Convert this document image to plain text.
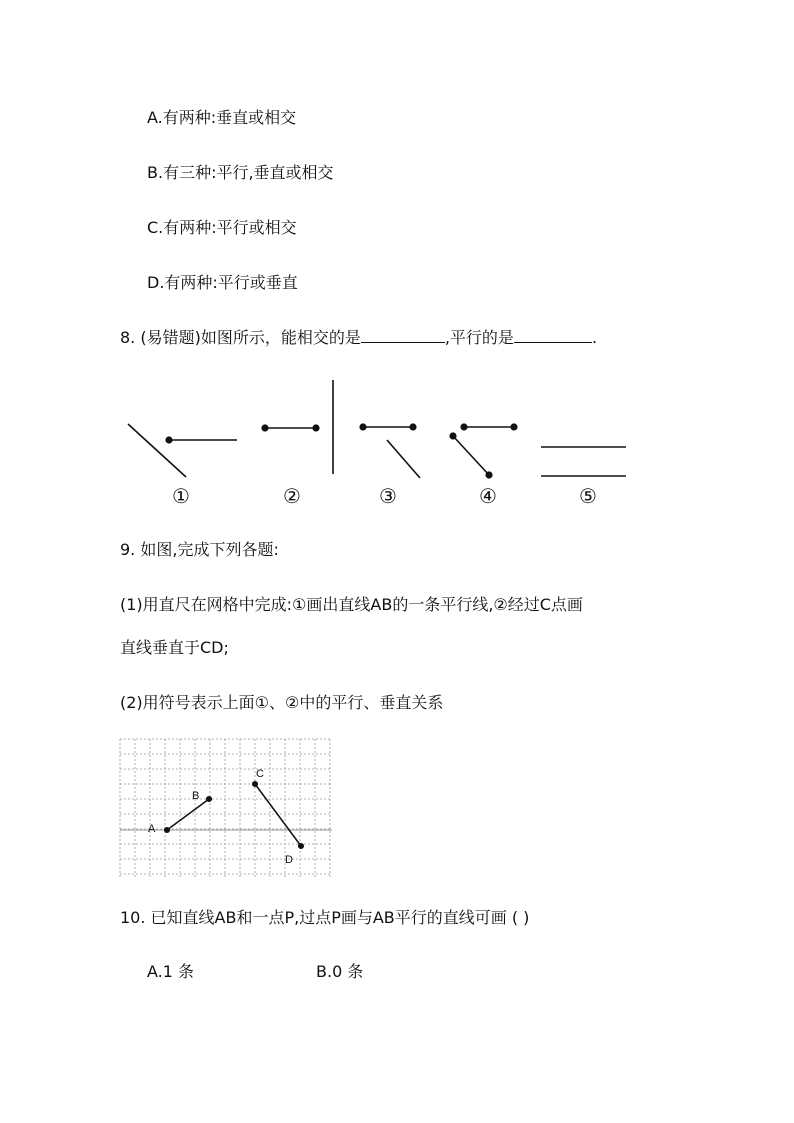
A.有两种:垂直或相交
B.有三种:平行,垂直或相交
C.有两种:平行或相交
D.有两种:平行或垂直
8. (易错题)如图所示，能相交的是	,平行的是	.
①	②	③	④	⑤
9. 如图,完成下列各题:
(1)用直尺在网格中完成:①画出直线AB的一条平行线,②经过C点画
直线垂直于CD;
(2)用符号表示上面①、②中的平行、垂直关系
A
B
C
D
10. 已知直线AB和一点P,过点P画与AB平行的直线可画 ( )
A.1 条	B.0 条
